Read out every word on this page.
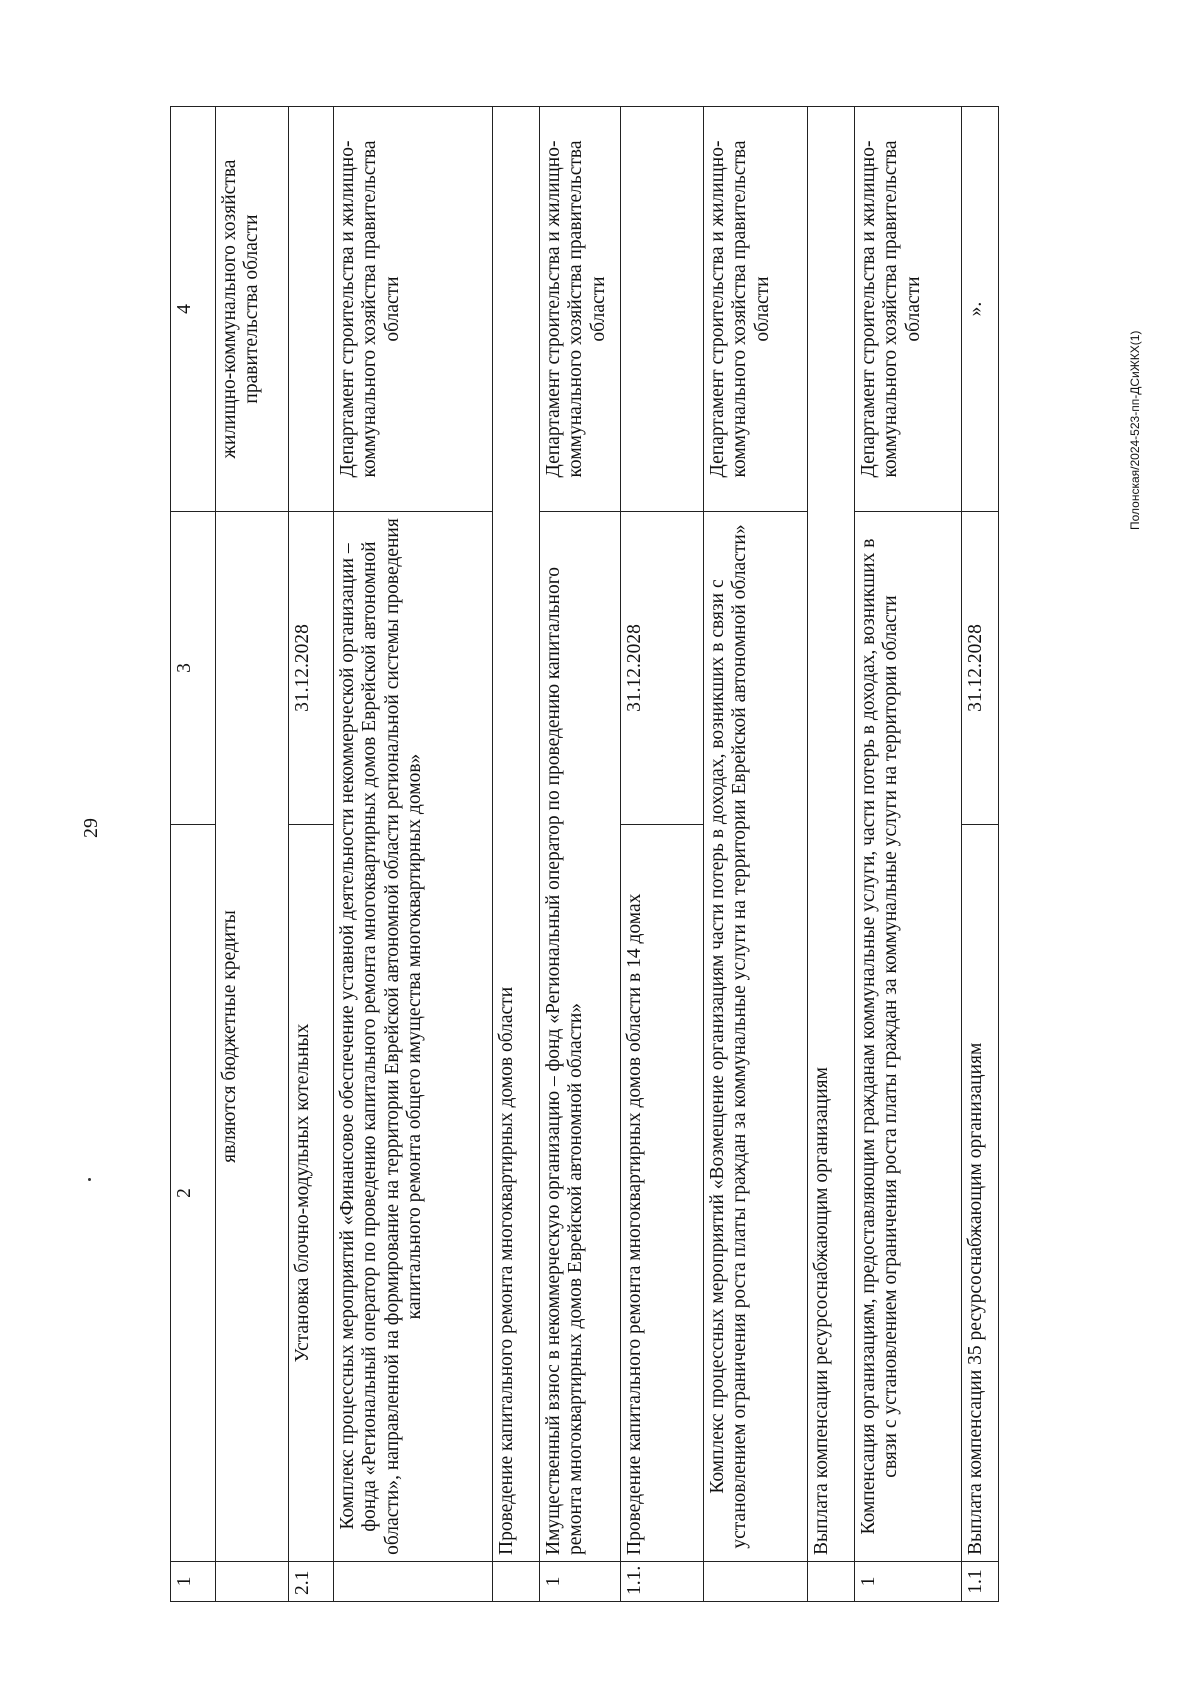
29
Полонская/2024-523-пп-ДСиЖКХ(1)
1	2	3	4
	являются бюджетные кредиты		жилищно-коммунального хозяйства правительства области
2.1	Установка блочно-модульных котельных	31.12.2028	
	Комплекс процессных мероприятий «Финансовое обеспечение уставной деятельности некоммерческой организации – фонда «Региональный оператор по проведению капитального ремонта многоквартирных домов Еврейской автономной области», направленной на формирование на территории Еврейской автономной области региональной системы проведения капитального ремонта общего имущества многоквартирных домов»		Департамент строительства и жилищно-коммунального хозяйства правительства области
	Проведение капитального ремонта многоквартирных домов области		
1	Имущественный взнос в некоммерческую организацию – фонд «Региональный оператор по проведению капитального ремонта многоквартирных домов Еврейской автономной области»		Департамент строительства и жилищно-коммунального хозяйства правительства области
1.1.	Проведение капитального ремонта многоквартирных домов области в 14 домах	31.12.2028	
	Комплекс процессных мероприятий «Возмещение организациям части потерь в доходах, возникших в связи с установлением ограничения роста платы граждан за коммунальные услуги на территории Еврейской автономной области»		Департамент строительства и жилищно-коммунального хозяйства правительства области
	Выплата компенсации ресурсоснабжающим организациям		
1	Компенсация организациям, предоставляющим гражданам коммунальные услуги, части потерь в доходах, возникших в связи с установлением ограничения роста платы граждан за коммунальные услуги на территории области		Департамент строительства и жилищно-коммунального хозяйства правительства области
1.1	Выплата компенсации 35 ресурсоснабжающим организациям	31.12.2028	».
